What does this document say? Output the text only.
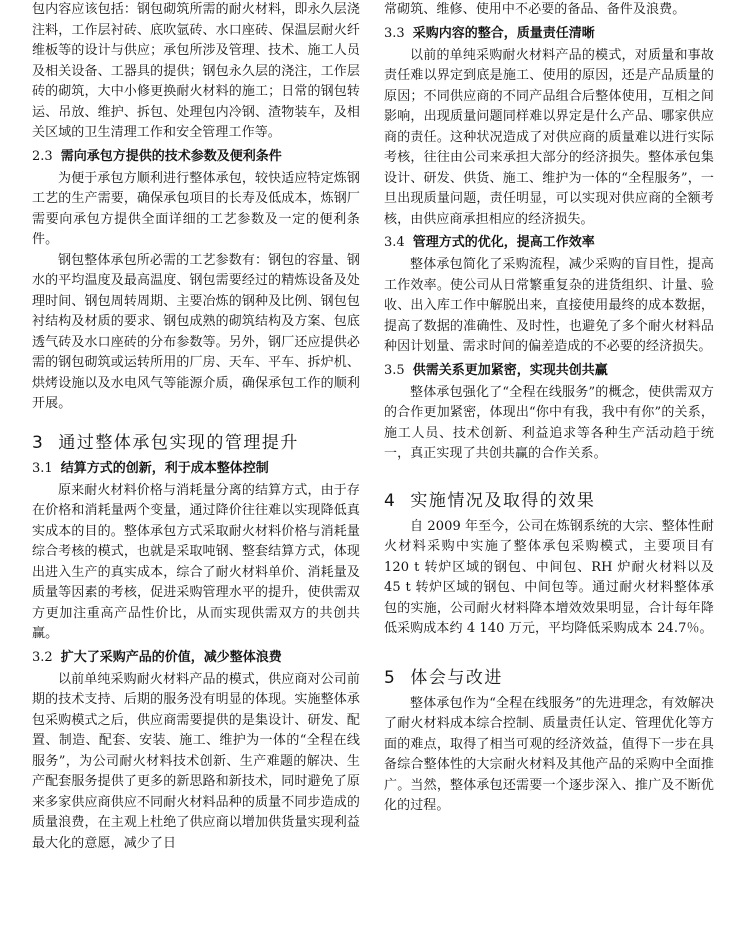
包内容应该包括：钢包砌筑所需的耐火材料，即永久层浇注料，工作层衬砖、底吹氩砖、水口座砖、保温层耐火纤维板等的设计与供应；承包所涉及管理、技术、施工人员及相关设备、工器具的提供；钢包永久层的浇注，工作层砖的砌筑，大中小修更换耐火材料的施工；日常的钢包转运、吊放、维护、拆包、处理包内冷钢、渣物装车，及相关区域的卫生清理工作和安全管理工作等。

2.3 需向承包方提供的技术参数及便利条件

为便于承包方顺利进行整体承包，较快适应特定炼钢工艺的生产需要，确保承包项目的长寿及低成本，炼钢厂需要向承包方提供全面详细的工艺参数及一定的便利条件。

钢包整体承包所必需的工艺参数有：钢包的容量、钢水的平均温度及最高温度、钢包需要经过的精炼设备及处理时间、钢包周转周期、主要冶炼的钢种及比例、钢包包衬结构及材质的要求、钢包成熟的砌筑结构及方案、包底透气砖及水口座砖的分布参数等。另外，钢厂还应提供必需的钢包砌筑或运转所用的厂房、天车、平车、拆炉机、烘烤设施以及水电风气等能源介质，确保承包工作的顺利开展。

3 通过整体承包实现的管理提升
3.1 结算方式的创新，利于成本整体控制

原来耐火材料价格与消耗量分离的结算方式，由于存在价格和消耗量两个变量，通过降价往往难以实现降低真实成本的目的。整体承包方式采取耐火材料价格与消耗量综合考核的模式，也就是采取吨钢、整套结算方式，体现出进入生产的真实成本，综合了耐火材料单价、消耗量及质量等因素的考核，促进采购管理水平的提升，使供需双方更加注重高产品性价比，从而实现供需双方的共创共赢。

3.2 扩大了采购产品的价值，减少整体浪费

以前单纯采购耐火材料产品的模式，供应商对公司前期的技术支持、后期的服务没有明显的体现。实施整体承包采购模式之后，供应商需要提供的是集设计、研发、配置、制造、配套、安装、施工、维护为一体的“全程在线服务”，为公司耐火材料技术创新、生产难题的解决、生产配套服务提供了更多的新思路和新技术，同时避免了原来多家供应商供应不同耐火材料品种的质量不同步造成的质量浪费，在主观上杜绝了供应商以增加供货量实现利益最大化的意愿，减少了日

常砌筑、维修、使用中不必要的备品、备件及浪费。

3.3 采购内容的整合，质量责任清晰

以前的单纯采购耐火材料产品的模式，对质量和事故责任难以界定到底是施工、使用的原因，还是产品质量的原因；不同供应商的不同产品组合后整体使用，互相之间影响，出现质量问题同样难以界定是什么产品、哪家供应商的责任。这种状况造成了对供应商的质量难以进行实际考核，往往由公司来承担大部分的经济损失。整体承包集设计、研发、供货、施工、维护为一体的“全程服务”，一旦出现质量问题，责任明显，可以实现对供应商的全额考核，由供应商承担相应的经济损失。

3.4 管理方式的优化，提高工作效率

整体承包简化了采购流程，减少采购的盲目性，提高工作效率。使公司从日常繁重复杂的进货组织、计量、验收、出入库工作中解脱出来，直接使用最终的成本数据，提高了数据的准确性、及时性，也避免了多个耐火材料品种因计划量、需求时间的偏差造成的不必要的经济损失。

3.5 供需关系更加紧密，实现共创共赢

整体承包强化了“全程在线服务”的概念，使供需双方的合作更加紧密，体现出“你中有我，我中有你”的关系，施工人员、技术创新、利益追求等各种生产活动趋于统一，真正实现了共创共赢的合作关系。

4 实施情况及取得的效果

自 2009 年至今，公司在炼钢系统的大宗、整体性耐火材料采购中实施了整体承包采购模式，主要项目有 120 t 转炉区域的钢包、中间包、RH 炉耐火材料以及 45 t 转炉区域的钢包、中间包等。通过耐火材料整体承包的实施，公司耐火材料降本增效效果明显，合计每年降低采购成本约 4 140 万元，平均降低采购成本 24.7％。

5 体会与改进

整体承包作为“全程在线服务”的先进理念，有效解决了耐火材料成本综合控制、质量责任认定、管理优化等方面的难点，取得了相当可观的经济效益，值得下一步在具备综合整体性的大宗耐火材料及其他产品的采购中全面推广。当然，整体承包还需要一个逐步深入、推广及不断优化的过程。
